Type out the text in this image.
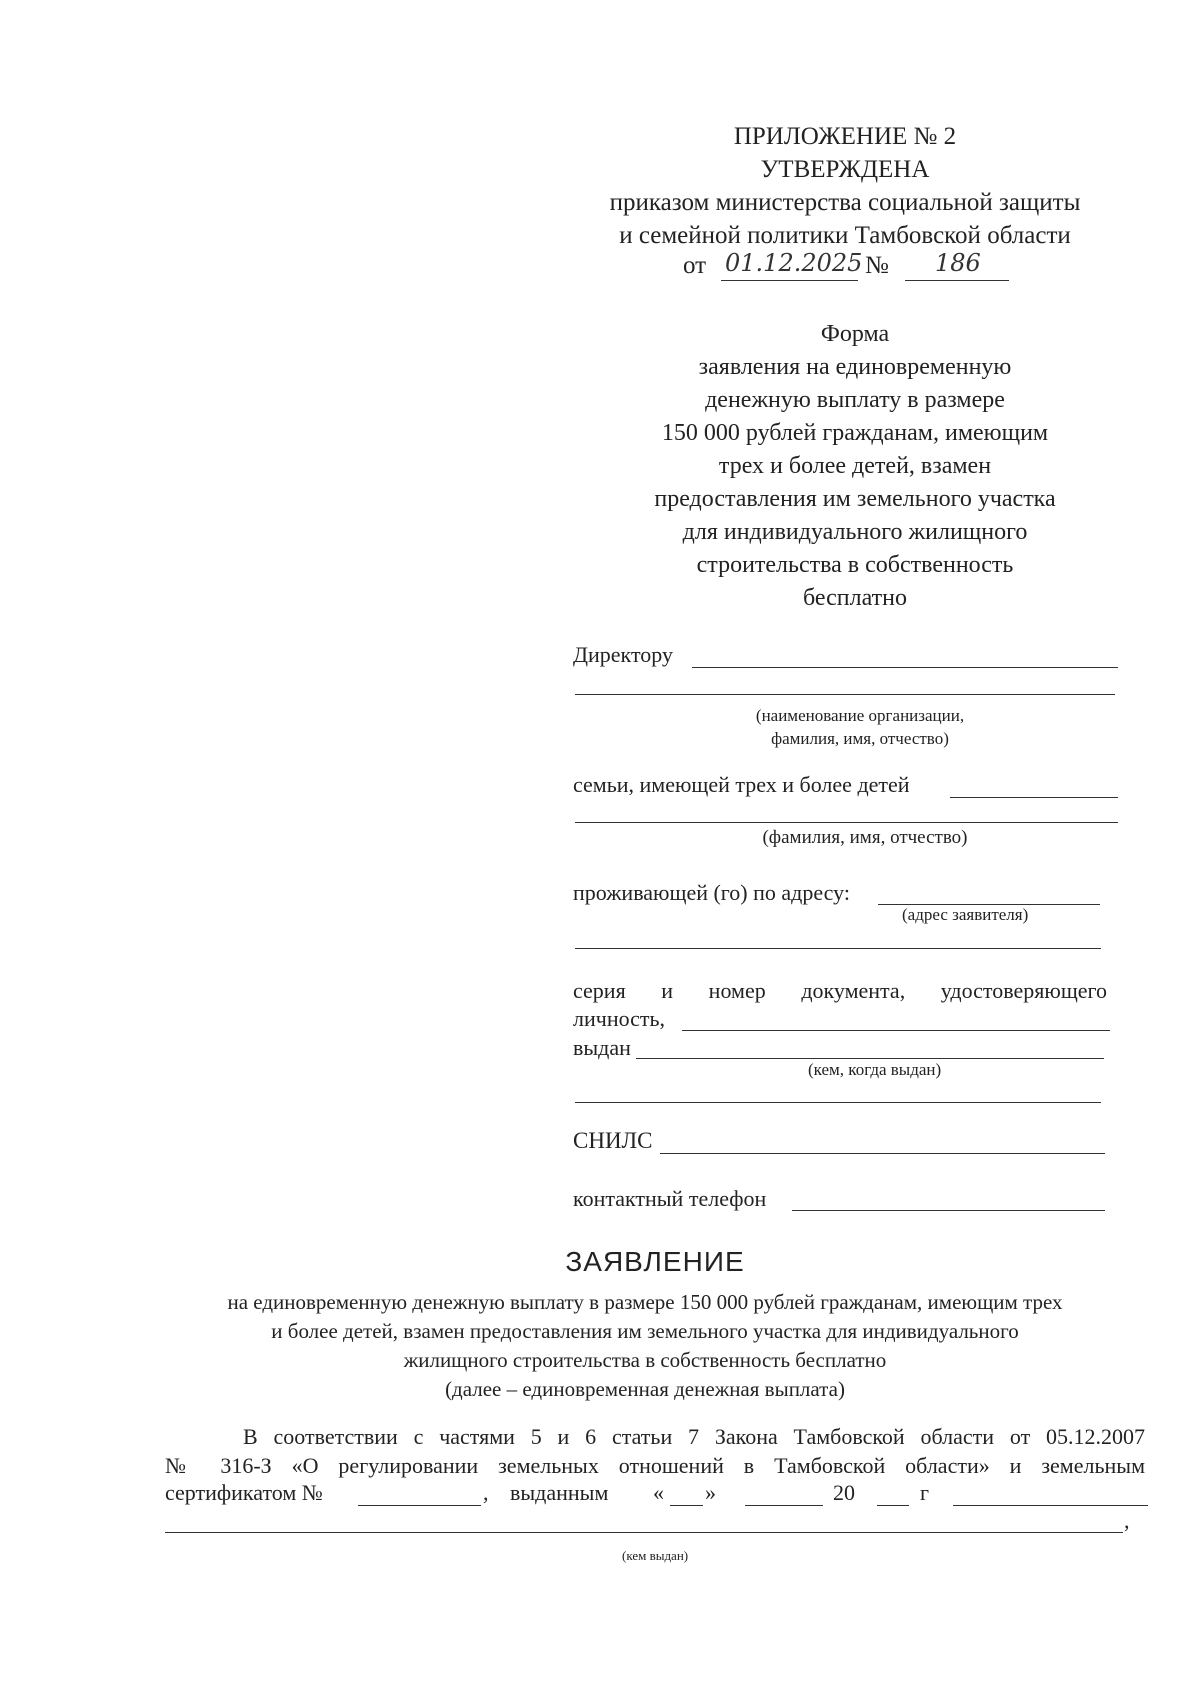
ПРИЛОЖЕНИЕ № 2
УТВЕРЖДЕНА
приказом министерства социальной защиты
и семейной политики Тамбовской области
от 01.12.2025 № 186
Форма
заявления на единовременную
денежную выплату в размере
150 000 рублей гражданам, имеющим
трех и более детей, взамен
предоставления им земельного участка
для индивидуального жилищного
строительства в собственность
бесплатно
Директору
(наименование организации,
фамилия, имя, отчество)
семьи, имеющей трех и более детей
(фамилия, имя, отчество)
проживающей (го) по адресу:
(адрес заявителя)
серия и номер документа, удостоверяющего
личность,
выдан
(кем, когда выдан)
СНИЛС
контактный телефон
ЗАЯВЛЕНИЕ
на единовременную денежную выплату в размере 150 000 рублей гражданам, имеющим трех
и более детей, взамен предоставления им земельного участка для индивидуального
жилищного строительства в собственность бесплатно
(далее – единовременная денежная выплата)
В соответствии с частями 5 и 6 статьи 7 Закона Тамбовской области от 05.12.2007
№ 316-З «О регулировании земельных отношений в Тамбовской области» и земельным
сертификатом №	, выданным « »	20	г
,
(кем выдан)
